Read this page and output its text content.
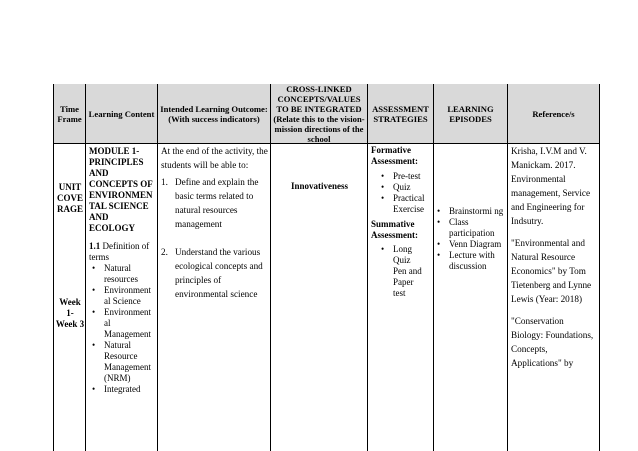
Time Frame Learning Content Intended Learning Outcome: (With success indicators)
CROSS-LINKED CONCEPTS/VALUES TO BE INTEGRATED (Relate this to the vision-mission directions of the school
ASSESSMENT STRATEGIES
LEARNING EPISODES	Reference/s
UNIT COVE RAGE
Week 1- Week 3
MODULE 1-PRINCIPLES AND CONCEPTS OF ENVIRONMEN TAL SCIENCE AND ECOLOGY
1.1 Definition of terms
• Natural resources
• Environment al Science
• Environment al Management
• Natural Resource Management (NRM)
• Integrated
At the end of the activity, the students will be able to:
1. Define and explain the basic terms related to natural resources management
2. Understand the various ecological concepts and principles of environmental science
Innovativeness
Formative Assessment:
• Pre-test
• Quiz
• Practical Exercise
Summative Assessment:
• Long Quiz Pen and Paper test
• Brainstormi ng
• Class participation
• Venn Diagram
• Lecture with discussion

Krisha, I.V.M and V. Manickam. 2017. Environmental management, Service and Engineering for Indsutry.

"Environmental and Natural Resource Economics" by Tom Tietenberg and Lynne Lewis (Year: 2018)

"Conservation Biology: Foundations, Concepts, Applications" by
